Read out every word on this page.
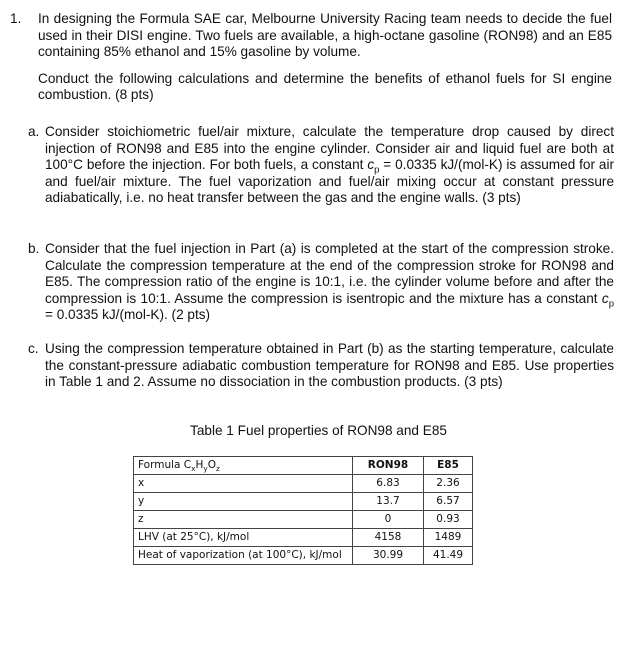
1. In designing the Formula SAE car, Melbourne University Racing team needs to decide the fuel used in their DISI engine. Two fuels are available, a high-octane gasoline (RON98) and an E85 containing 85% ethanol and 15% gasoline by volume.

Conduct the following calculations and determine the benefits of ethanol fuels for SI engine combustion. (8 pts)

a. Consider stoichiometric fuel/air mixture, calculate the temperature drop caused by direct injection of RON98 and E85 into the engine cylinder. Consider air and liquid fuel are both at 100°C before the injection. For both fuels, a constant $c_p = 0.0335$ kJ/(mol-K) is assumed for air and fuel/air mixture. The fuel vaporization and fuel/air mixing occur at constant pressure adiabatically, i.e. no heat transfer between the gas and the engine walls. (3 pts)
b. Consider that the fuel injection in Part (a) is completed at the start of the compression stroke. Calculate the compression temperature at the end of the compression stroke for RON98 and E85. The compression ratio of the engine is 10:1, i.e. the cylinder volume before and after the compression is 10:1. Assume the compression is isentropic and the mixture has a constant $c_p = 0.0335$ kJ/(mol-K). (2 pts)
c. Using the compression temperature obtained in Part (b) as the starting temperature, calculate the constant-pressure adiabatic combustion temperature for RON98 and E85. Use properties in Table 1 and 2. Assume no dissociation in the combustion products. (3 pts)
Table 1 Fuel properties of RON98 and E85
Formula $C_xH_yO_z$	RON98	E85
x	6.83	2.36
y	13.7	6.57
z	0	0.93
LHV (at 25°C), kJ/mol	4158	1489
Heat of vaporization (at 100°C), kJ/mol	30.99	41.49
